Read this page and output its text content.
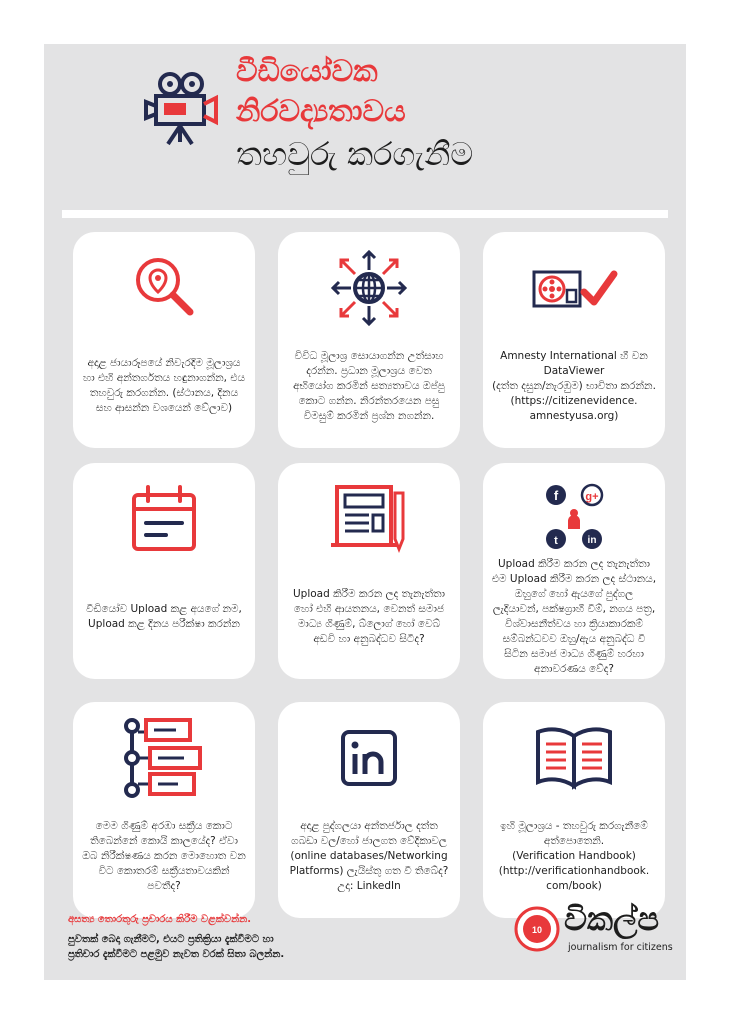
වීඩියෝවක
නිරවද්‍යතාවය
තහවුරු කරගැනීම
අදාළ ජායාරූපයේ නිවැරදිම මූලාශ්‍රය හා එහි අන්තර්ගතය හඳුනාගන්න, එය තහවුරු කරගන්න. (ස්ථානය, දිනය සහ ආසන්න වශයෙන් වේලාව)
විවිධ මූලාශ්‍ර සොයාගන්න උත්සාහ දරන්න. ප්‍රධාන මූලාශ්‍රය වෙත අභියෝග කරමින් සත්‍යතාවය ඔප්පු කොට ගන්න. නිරන්තරයෙන පසු විමසුම් කරමින් ප්‍රශ්න නගන්න.
Amnesty International හී වන DataViewer
(දත්ත දසුන/නැරඹුම) භාවිතා කරන්න.
(https://citizenevidence.
amnestyusa.org)
වීඩියෝව Upload කළ අයගේ නම, Upload කළ දිනය පරීක්ෂා කරන්න
Upload කිරීම කරන ලද තැනැත්තා හෝ එහි ආයතනය, වෙනත් සමාජ මාධ්‍ය ගිණුම්, බ්ලොග් හෝ වෙබ් අඩවි හා අනුබද්ධව සිටීද?
f g+
t	in
Upload කිරීම කරන ලද තැනැත්තා එම Upload කිරීම කරන ලද ස්ථානය, ඔහුගේ හෝ ඇයගේ පුද්ගල ලැදියාවන්, පක්ෂග්‍රාහී වීම්, නගය පත්‍ර, විශ්වාසනීත්වය හා ක්‍රියාකාරකම් සම්බන්ධවව ඔහු/ඇය අනුබද්ධ වී සිටින සමාජ මාධ්‍ය ගිණුම් හරහා අනාවරණය වේද?
මෙම ගිණුම් අරඹා සක්‍රීය කොට තිබෙන්නේ කොයි කාලයේද? ඒවා ඔබ නිරීක්ෂණය කරන මොහොත වන විට කොතරම් සක්‍රීයතාවයකින් පවතීද?
අදාළ පුද්ගලයා අන්තර්ජාල දත්ත ගබඩා වල/හෝ ජාලගත වේදිකාවල
(online databases/Networking Platforms) ලැයිස්තු ගත වී තිබේද? උදා: LinkedIn
ඉහි මූලාශ්‍රය - තහවුරු කරගැනීමේ අත්පොතෙනි.
(Verification Handbook)
(http://verificationhandbook.
com/book)
අසත්‍ය තොරතුරු ප්‍රචාරය කිරීම වළක්වන්න.
පුවතක් බෙදා ගැනීමට, එයට ප්‍රතික්‍රියා දැක්වීමට හා
ප්‍රතිචාර දැක්වීමට පළමුව නැවත වරක් සිතා බලන්න.
10 විකල්ප
journalism for citizens
